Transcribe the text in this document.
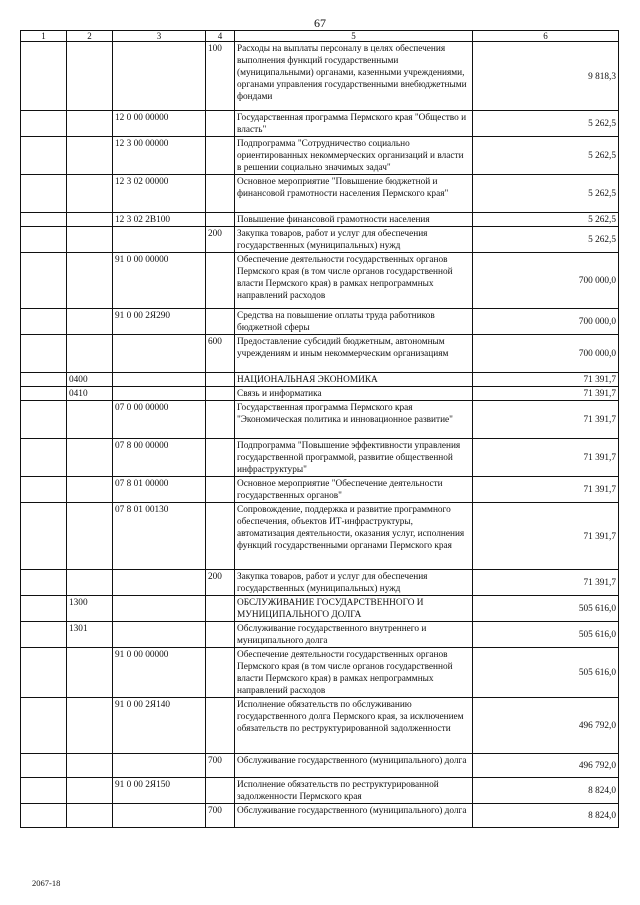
67
1	2	3	4	5	6
			100	Расходы на выплаты персоналу в целях обеспечения выполнения функций государственными (муниципальными) органами, казенными учреждениями, органами управления государственными внебюджетными фондами	9 818,3
		12 0 00 00000		Государственная программа Пермского края "Общество и власть"	5 262,5
		12 3 00 00000		Подпрограмма "Сотрудничество социально ориентированных некоммерческих организаций и власти в решении социально значимых задач"	5 262,5
		12 3 02 00000		Основное мероприятие "Повышение бюджетной и финансовой грамотности населения Пермского края"	5 262,5
		12 3 02 2В100		Повышение финансовой грамотности населения	5 262,5
			200	Закупка товаров, работ и услуг для обеспечения государственных (муниципальных) нужд	5 262,5
		91 0 00 00000		Обеспечение деятельности государственных органов Пермского края (в том числе органов государственной власти Пермского края) в рамках непрограммных направлений расходов	700 000,0
		91 0 00 2Я290		Средства на повышение оплаты труда работников бюджетной сферы	700 000,0
			600	Предоставление субсидий бюджетным, автономным учреждениям и иным некоммерческим организациям	700 000,0
	0400			НАЦИОНАЛЬНАЯ ЭКОНОМИКА	71 391,7
	0410			Связь и информатика	71 391,7
		07 0 00 00000		Государственная программа Пермского края "Экономическая политика и инновационное развитие"	71 391,7
		07 8 00 00000		Подпрограмма "Повышение эффективности управления государственной программой, развитие общественной инфраструктуры"	71 391,7
		07 8 01 00000		Основное мероприятие "Обеспечение деятельности государственных органов"	71 391,7
		07 8 01 00130		Сопровождение, поддержка и развитие программного обеспечения, объектов ИТ-инфраструктуры, автоматизация деятельности, оказания услуг, исполнения функций государственными органами Пермского края	71 391,7
			200	Закупка товаров, работ и услуг для обеспечения государственных (муниципальных) нужд	71 391,7
	1300			ОБСЛУЖИВАНИЕ ГОСУДАРСТВЕННОГО И МУНИЦИПАЛЬНОГО ДОЛГА	505 616,0
	1301			Обслуживание государственного внутреннего и муниципального долга	505 616,0
		91 0 00 00000		Обеспечение деятельности государственных органов Пермского края (в том числе органов государственной власти Пермского края) в рамках непрограммных направлений расходов	505 616,0
		91 0 00 2Я140		Исполнение обязательств по обслуживанию государственного долга Пермского края, за исключением обязательств по реструктурированной задолженности	496 792,0
			700	Обслуживание государственного (муниципального) долга	496 792,0
		91 0 00 2Я150		Исполнение обязательств по реструктурированной задолженности Пермского края	8 824,0
			700	Обслуживание государственного (муниципального) долга	8 824,0
2067-18
